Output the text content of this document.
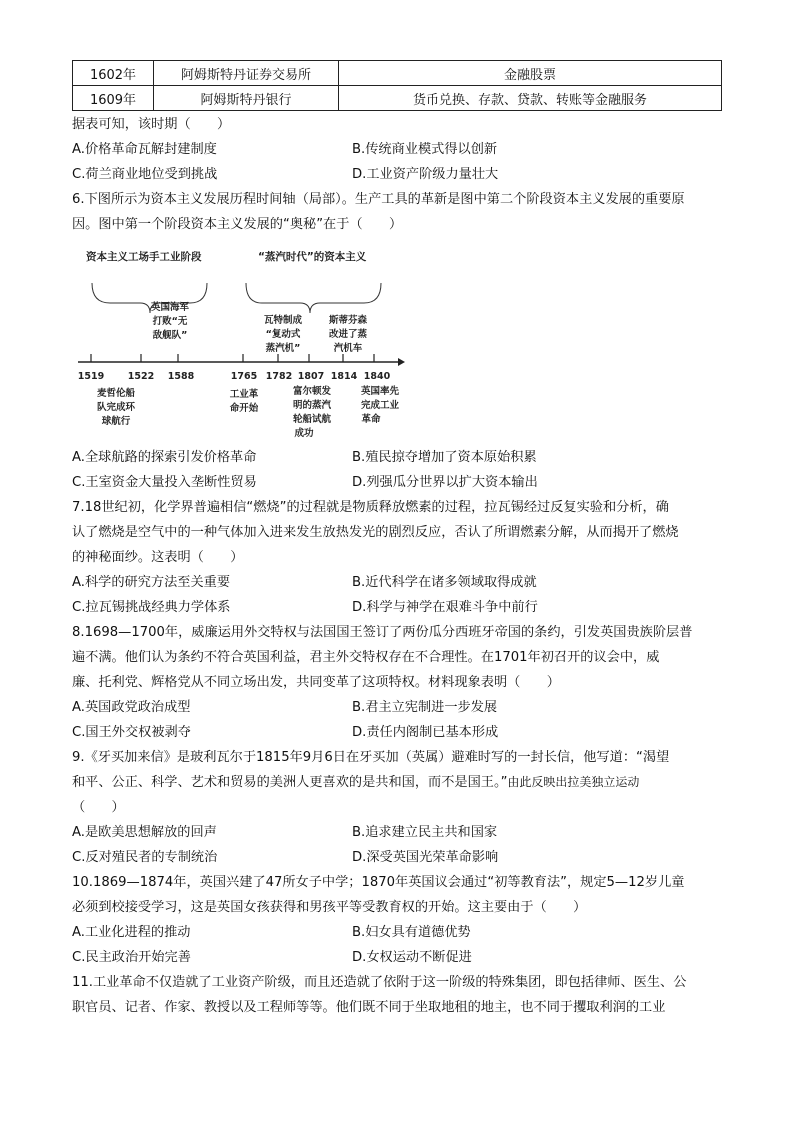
1602年	阿姆斯特丹证券交易所	金融股票
1609年	阿姆斯特丹银行	货币兑换、存款、贷款、转账等金融服务
据表可知，该时期（　　）
A.价格革命瓦解封建制度	B.传统商业模式得以创新
C.荷兰商业地位受到挑战	D.工业资产阶级力量壮大
6.下图所示为资本主义发展历程时间轴（局部）。生产工具的革新是图中第二个阶段资本主义发展的重要原
因。图中第一个阶段资本主义发展的“奥秘”在于（　　）
资本主义工场手工业阶段	“蒸汽时代”的资本主义
英国海军
打败“无
敌舰队”
瓦特制成
“复动式
蒸汽机”
斯蒂芬森
改进了蒸
汽机车
1519 1522 1588	1765 1782 1807 1814 1840
麦哲伦船
队完成环
球航行
工业革
命开始
富尔顿发
明的蒸汽
轮船试航
成功
英国率先
完成工业
革命
A.全球航路的探索引发价格革命	B.殖民掠夺增加了资本原始积累
C.王室资金大量投入垄断性贸易	D.列强瓜分世界以扩大资本输出
7.18世纪初，化学界普遍相信“燃烧”的过程就是物质释放燃素的过程，拉瓦锡经过反复实验和分析，确
认了燃烧是空气中的一种气体加入进来发生放热发光的剧烈反应，否认了所谓燃素分解，从而揭开了燃烧
的神秘面纱。这表明（　　）
A.科学的研究方法至关重要	B.近代科学在诸多领域取得成就
C.拉瓦锡挑战经典力学体系	D.科学与神学在艰难斗争中前行
8.1698—1700年，威廉运用外交特权与法国国王签订了两份瓜分西班牙帝国的条约，引发英国贵族阶层普
遍不满。他们认为条约不符合英国利益，君主外交特权存在不合理性。在1701年初召开的议会中，威
廉、托利党、辉格党从不同立场出发，共同变革了这项特权。材料现象表明（　　）
A.英国政党政治成型	B.君主立宪制进一步发展
C.国王外交权被剥夺	D.责任内阁制已基本形成
9.《牙买加来信》是玻利瓦尔于1815年9月6日在牙买加（英属）避难时写的一封长信，他写道：“渴望
和平、公正、科学、艺术和贸易的美洲人更喜欢的是共和国，而不是国王。”由此反映出拉美独立运动
（　　）
A.是欧美思想解放的回声	B.追求建立民主共和国家
C.反对殖民者的专制统治	D.深受英国光荣革命影响
10.1869—1874年，英国兴建了47所女子中学；1870年英国议会通过“初等教育法”，规定5—12岁儿童
必须到校接受学习，这是英国女孩获得和男孩平等受教育权的开始。这主要由于（　　）
A.工业化进程的推动	B.妇女具有道德优势
C.民主政治开始完善	D.女权运动不断促进
11.工业革命不仅造就了工业资产阶级，而且还造就了依附于这一阶级的特殊集团，即包括律师、医生、公
职官员、记者、作家、教授以及工程师等等。他们既不同于坐取地租的地主，也不同于攫取利润的工业
